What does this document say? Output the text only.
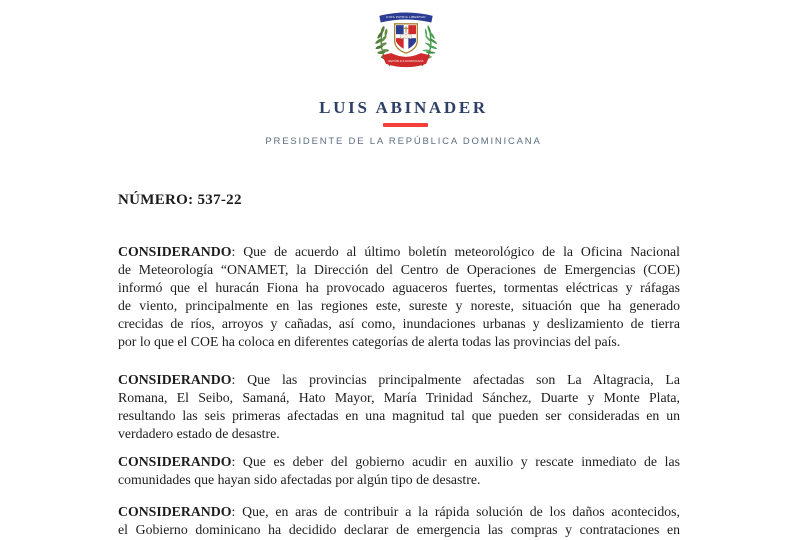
DIOS PATRIA LIBERTAD
REPÚBLICA DOMINICANA
LUIS ABINADER
PRESIDENTE DE LA REPÚBLICA DOMINICANA
NÚMERO: 537-22
CONSIDERANDO: Que de acuerdo al último boletín meteorológico de la Oficina Nacional
de Meteorología “ONAMET, la Dirección del Centro de Operaciones de Emergencias (COE)
informó que el huracán Fiona ha provocado aguaceros fuertes, tormentas eléctricas y ráfagas
de viento, principalmente en las regiones este, sureste y noreste, situación que ha generado
crecidas de ríos, arroyos y cañadas, así como, inundaciones urbanas y deslizamiento de tierra
por lo que el COE ha coloca en diferentes categorías de alerta todas las provincias del país.
CONSIDERANDO: Que las provincias principalmente afectadas son La Altagracia, La
Romana, El Seibo, Samaná, Hato Mayor, María Trinidad Sánchez, Duarte y Monte Plata,
resultando las seis primeras afectadas en una magnitud tal que pueden ser consideradas en un
verdadero estado de desastre.
CONSIDERANDO: Que es deber del gobierno acudir en auxilio y rescate inmediato de las
comunidades que hayan sido afectadas por algún tipo de desastre.
CONSIDERANDO: Que, en aras de contribuir a la rápida solución de los daños acontecidos,
el Gobierno dominicano ha decidido declarar de emergencia las compras y contrataciones en
